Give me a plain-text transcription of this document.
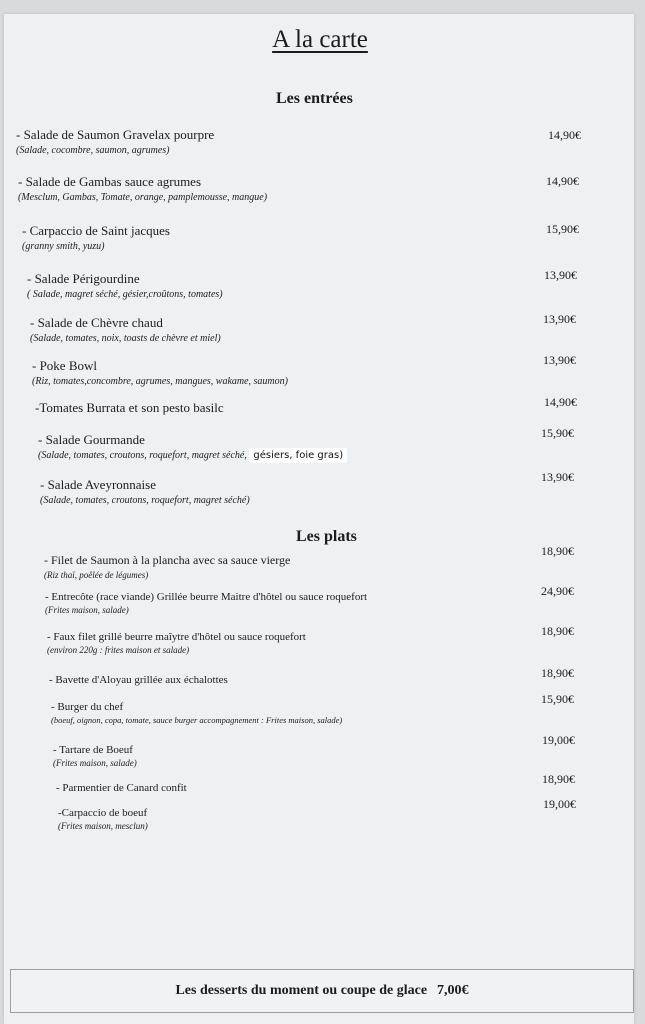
A la carte
Les entrées
- Salade de Saumon Gravelax pourpre
(Salade, cocombre, saumon, agrumes)
14,90€
- Salade de Gambas sauce agrumes
(Mesclum, Gambas, Tomate, orange, pamplemousse, mangue)
14,90€
- Carpaccio de Saint jacques
(granny smith, yuzu)
15,90€
- Salade Périgourdine
( Salade, magret séché, gésier,croûtons, tomates)
13,90€
- Salade de Chèvre chaud
(Salade, tomates, noix, toasts de chèvre et miel)
13,90€
- Poke Bowl
(Riz, tomates,concombre, agrumes, mangues, wakame, saumon)
13,90€
-Tomates Burrata et son pesto basilc	14,90€
- Salade Gourmande
(Salade, tomates, croutons, roquefort, magret séché, gésiers, foie gras)
15,90€
- Salade Aveyronnaise
(Salade, tomates, croutons, roquefort, magret séché)
13,90€
Les plats
- Filet de Saumon à la plancha avec sa sauce vierge
(Riz thaï, poêlée de légumes)
18,90€
- Entrecôte (race viande) Grillée beurre Maitre d'hôtel ou sauce roquefort
(Frites maison, salade)
24,90€
- Faux filet grillé beurre maîytre d'hôtel ou sauce roquefort
(environ 220g : frites maison et salade)
18,90€
- Bavette d'Aloyau grillée aux échalottes	18,90€
- Burger du chef
(boeuf, oignon, copa, tomate, sauce burger accompagnement : Frites maison, salade)
15,90€
- Tartare de Boeuf
(Frites maison, salade)
19,00€
- Parmentier de Canard confit
18,90€
-Carpaccio de boeuf
(Frites maison, mesclun)
19,00€
Les desserts du moment ou coupe de glace 7,00€
